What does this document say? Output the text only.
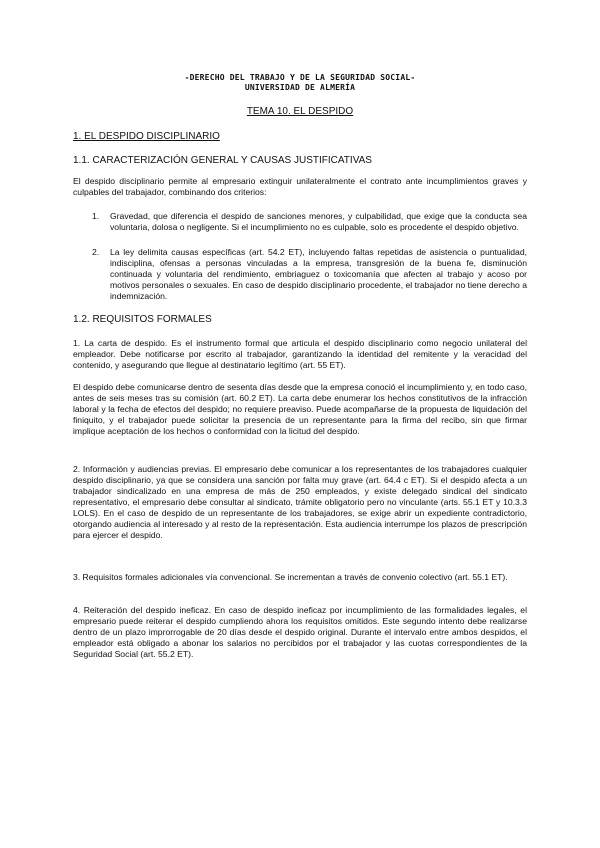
-DERECHO DEL TRABAJO Y DE LA SEGURIDAD SOCIAL-
UNIVERSIDAD DE ALMERÍA
TEMA 10. EL DESPIDO
1. EL DESPIDO DISCIPLINARIO
1.1. CARACTERIZACIÓN GENERAL Y CAUSAS JUSTIFICATIVAS
El despido disciplinario permite al empresario extinguir unilateralmente el contrato ante incumplimientos graves y culpables del trabajador, combinando dos criterios:
1. Gravedad, que diferencia el despido de sanciones menores, y culpabilidad, que exige que la conducta sea voluntaria, dolosa o negligente. Si el incumplimiento no es culpable, solo es procedente el despido objetivo.
2. La ley delimita causas específicas (art. 54.2 ET), incluyendo faltas repetidas de asistencia o puntualidad, indisciplina, ofensas a personas vinculadas a la empresa, transgresión de la buena fe, disminución continuada y voluntaria del rendimiento, embriaguez o toxicomanía que afecten al trabajo y acoso por motivos personales o sexuales. En caso de despido disciplinario procedente, el trabajador no tiene derecho a indemnización.
1.2. REQUISITOS FORMALES
1. La carta de despido. Es el instrumento formal que articula el despido disciplinario como negocio unilateral del empleador. Debe notificarse por escrito al trabajador, garantizando la identidad del remitente y la veracidad del contenido, y asegurando que llegue al destinatario legítimo (art. 55 ET).
El despido debe comunicarse dentro de sesenta días desde que la empresa conoció el incumplimiento y, en todo caso, antes de seis meses tras su comisión (art. 60.2 ET). La carta debe enumerar los hechos constitutivos de la infracción laboral y la fecha de efectos del despido; no requiere preaviso. Puede acompañarse de la propuesta de liquidación del finiquito, y el trabajador puede solicitar la presencia de un representante para la firma del recibo, sin que firmar implique aceptación de los hechos o conformidad con la licitud del despido.
2. Información y audiencias previas. El empresario debe comunicar a los representantes de los trabajadores cualquier despido disciplinario, ya que se considera una sanción por falta muy grave (art. 64.4 c ET). Si el despido afecta a un trabajador sindicalizado en una empresa de más de 250 empleados, y existe delegado sindical del sindicato representativo, el empresario debe consultar al sindicato, trámite obligatorio pero no vinculante (arts. 55.1 ET y 10.3.3 LOLS). En el caso de despido de un representante de los trabajadores, se exige abrir un expediente contradictorio, otorgando audiencia al interesado y al resto de la representación. Esta audiencia interrumpe los plazos de prescripción para ejercer el despido.
3. Requisitos formales adicionales vía convencional. Se incrementan a través de convenio colectivo (art. 55.1 ET).
4. Reiteración del despido ineficaz. En caso de despido ineficaz por incumplimiento de las formalidades legales, el empresario puede reiterar el despido cumpliendo ahora los requisitos omitidos. Este segundo intento debe realizarse dentro de un plazo improrrogable de 20 días desde el despido original. Durante el intervalo entre ambos despidos, el empleador está obligado a abonar los salarios no percibidos por el trabajador y las cuotas correspondientes de la Seguridad Social (art. 55.2 ET).
